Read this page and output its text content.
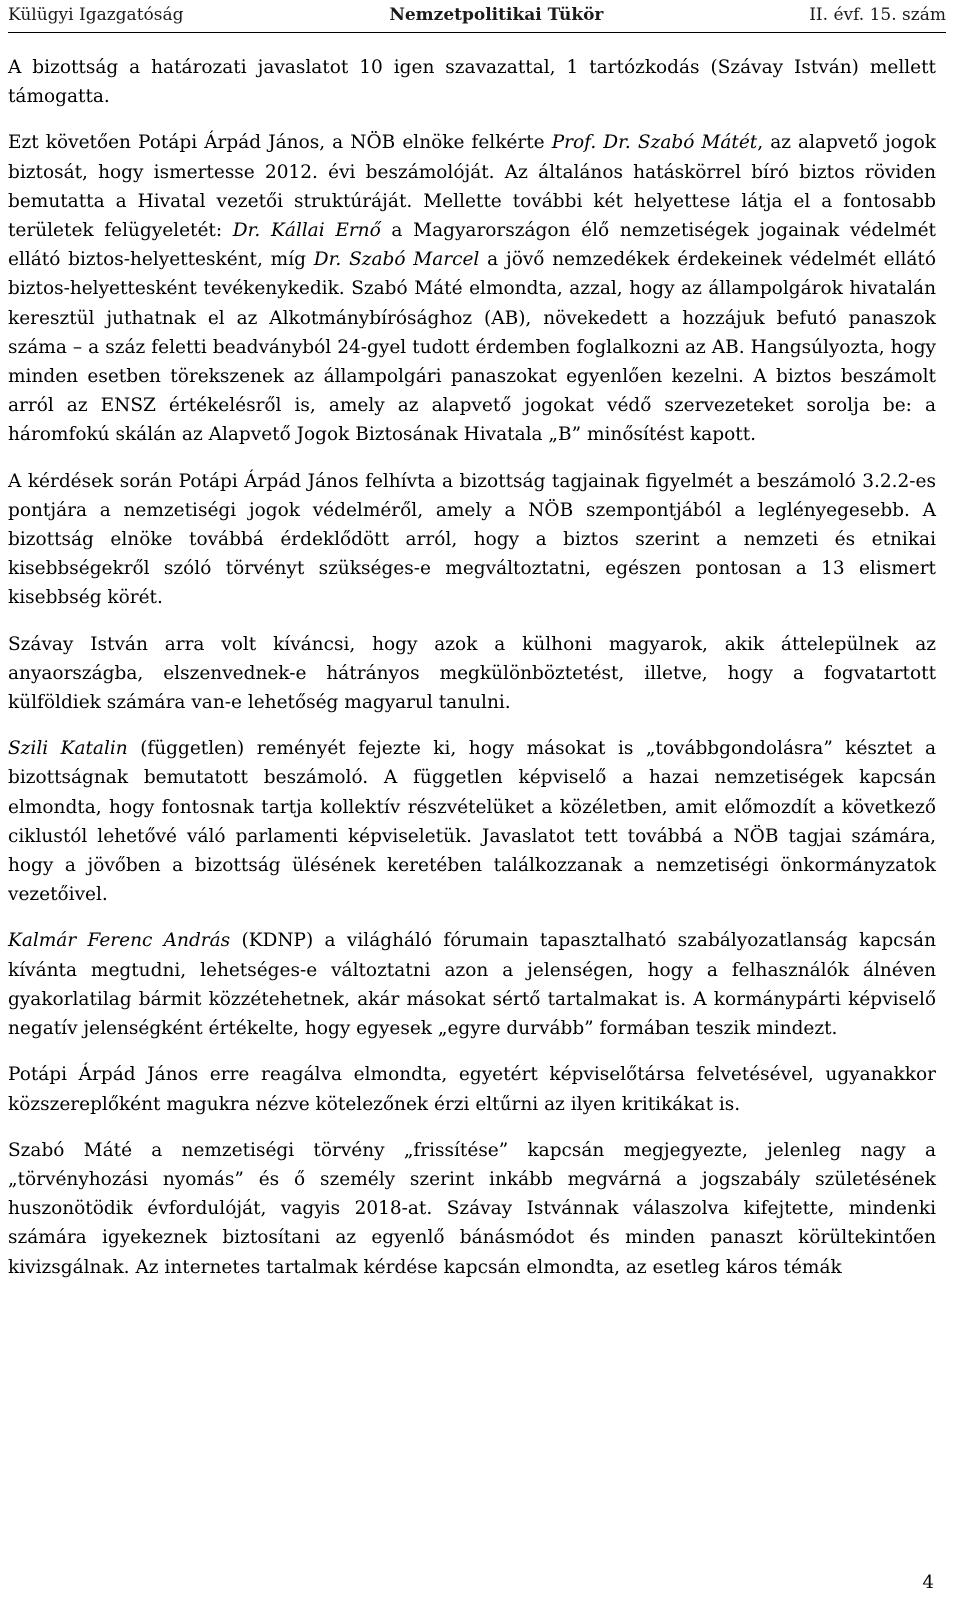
Külügyi Igazgatóság	Nemzetpolitikai Tükör	II. évf. 15. szám

A bizottság a határozati javaslatot 10 igen szavazattal, 1 tartózkodás (Szávay István) mellett támogatta.

Ezt követően Potápi Árpád János, a NÖB elnöke felkérte Prof. Dr. Szabó Mátét, az alapvető jogok biztosát, hogy ismertesse 2012. évi beszámolóját. Az általános hatáskörrel bíró biztos röviden bemutatta a Hivatal vezetői struktúráját. Mellette további két helyettese látja el a fontosabb területek felügyeletét: Dr. Kállai Ernő a Magyarországon élő nemzetiségek jogainak védelmét ellátó biztos-helyettesként, míg Dr. Szabó Marcel a jövő nemzedékek érdekeinek védelmét ellátó biztos-helyettesként tevékenykedik. Szabó Máté elmondta, azzal, hogy az állampolgárok hivatalán keresztül juthatnak el az Alkotmánybírósághoz (AB), növekedett a hozzájuk befutó panaszok száma – a száz feletti beadványból 24-gyel tudott érdemben foglalkozni az AB. Hangsúlyozta, hogy minden esetben törekszenek az állampolgári panaszokat egyenlően kezelni. A biztos beszámolt arról az ENSZ értékelésről is, amely az alapvető jogokat védő szervezeteket sorolja be: a háromfokú skálán az Alapvető Jogok Biztosának Hivatala „B” minősítést kapott.

A kérdések során Potápi Árpád János felhívta a bizottság tagjainak figyelmét a beszámoló 3.2.2-es pontjára a nemzetiségi jogok védelméről, amely a NÖB szempontjából a leglényegesebb. A bizottság elnöke továbbá érdeklődött arról, hogy a biztos szerint a nemzeti és etnikai kisebbségekről szóló törvényt szükséges-e megváltoztatni, egészen pontosan a 13 elismert kisebbség körét.

Szávay István arra volt kíváncsi, hogy azok a külhoni magyarok, akik áttelepülnek az anyaországba, elszenvednek-e hátrányos megkülönböztetést, illetve, hogy a fogvatartott külföldiek számára van-e lehetőség magyarul tanulni.

Szili Katalin (független) reményét fejezte ki, hogy másokat is „továbbgondolásra” késztet a bizottságnak bemutatott beszámoló. A független képviselő a hazai nemzetiségek kapcsán elmondta, hogy fontosnak tartja kollektív részvételüket a közéletben, amit előmozdít a következő ciklustól lehetővé váló parlamenti képviseletük. Javaslatot tett továbbá a NÖB tagjai számára, hogy a jövőben a bizottság ülésének keretében találkozzanak a nemzetiségi önkormányzatok vezetőivel.

Kalmár Ferenc András (KDNP) a világháló fórumain tapasztalható szabályozatlanság kapcsán kívánta megtudni, lehetséges-e változtatni azon a jelenségen, hogy a felhasználók álnéven gyakorlatilag bármit közzétehetnek, akár másokat sértő tartalmakat is. A kormánypárti képviselő negatív jelenségként értékelte, hogy egyesek „egyre durvább” formában teszik mindezt.

Potápi Árpád János erre reagálva elmondta, egyetért képviselőtársa felvetésével, ugyanakkor közszereplőként magukra nézve kötelezőnek érzi eltűrni az ilyen kritikákat is.

Szabó Máté a nemzetiségi törvény „frissítése” kapcsán megjegyezte, jelenleg nagy a „törvényhozási nyomás” és ő személy szerint inkább megvárná a jogszabály születésének huszonötödik évfordulóját, vagyis 2018-at. Szávay Istvánnak válaszolva kifejtette, mindenki számára igyekeznek biztosítani az egyenlő bánásmódot és minden panaszt körültekintően kivizsgálnak. Az internetes tartalmak kérdése kapcsán elmondta, az esetleg káros témák

4
